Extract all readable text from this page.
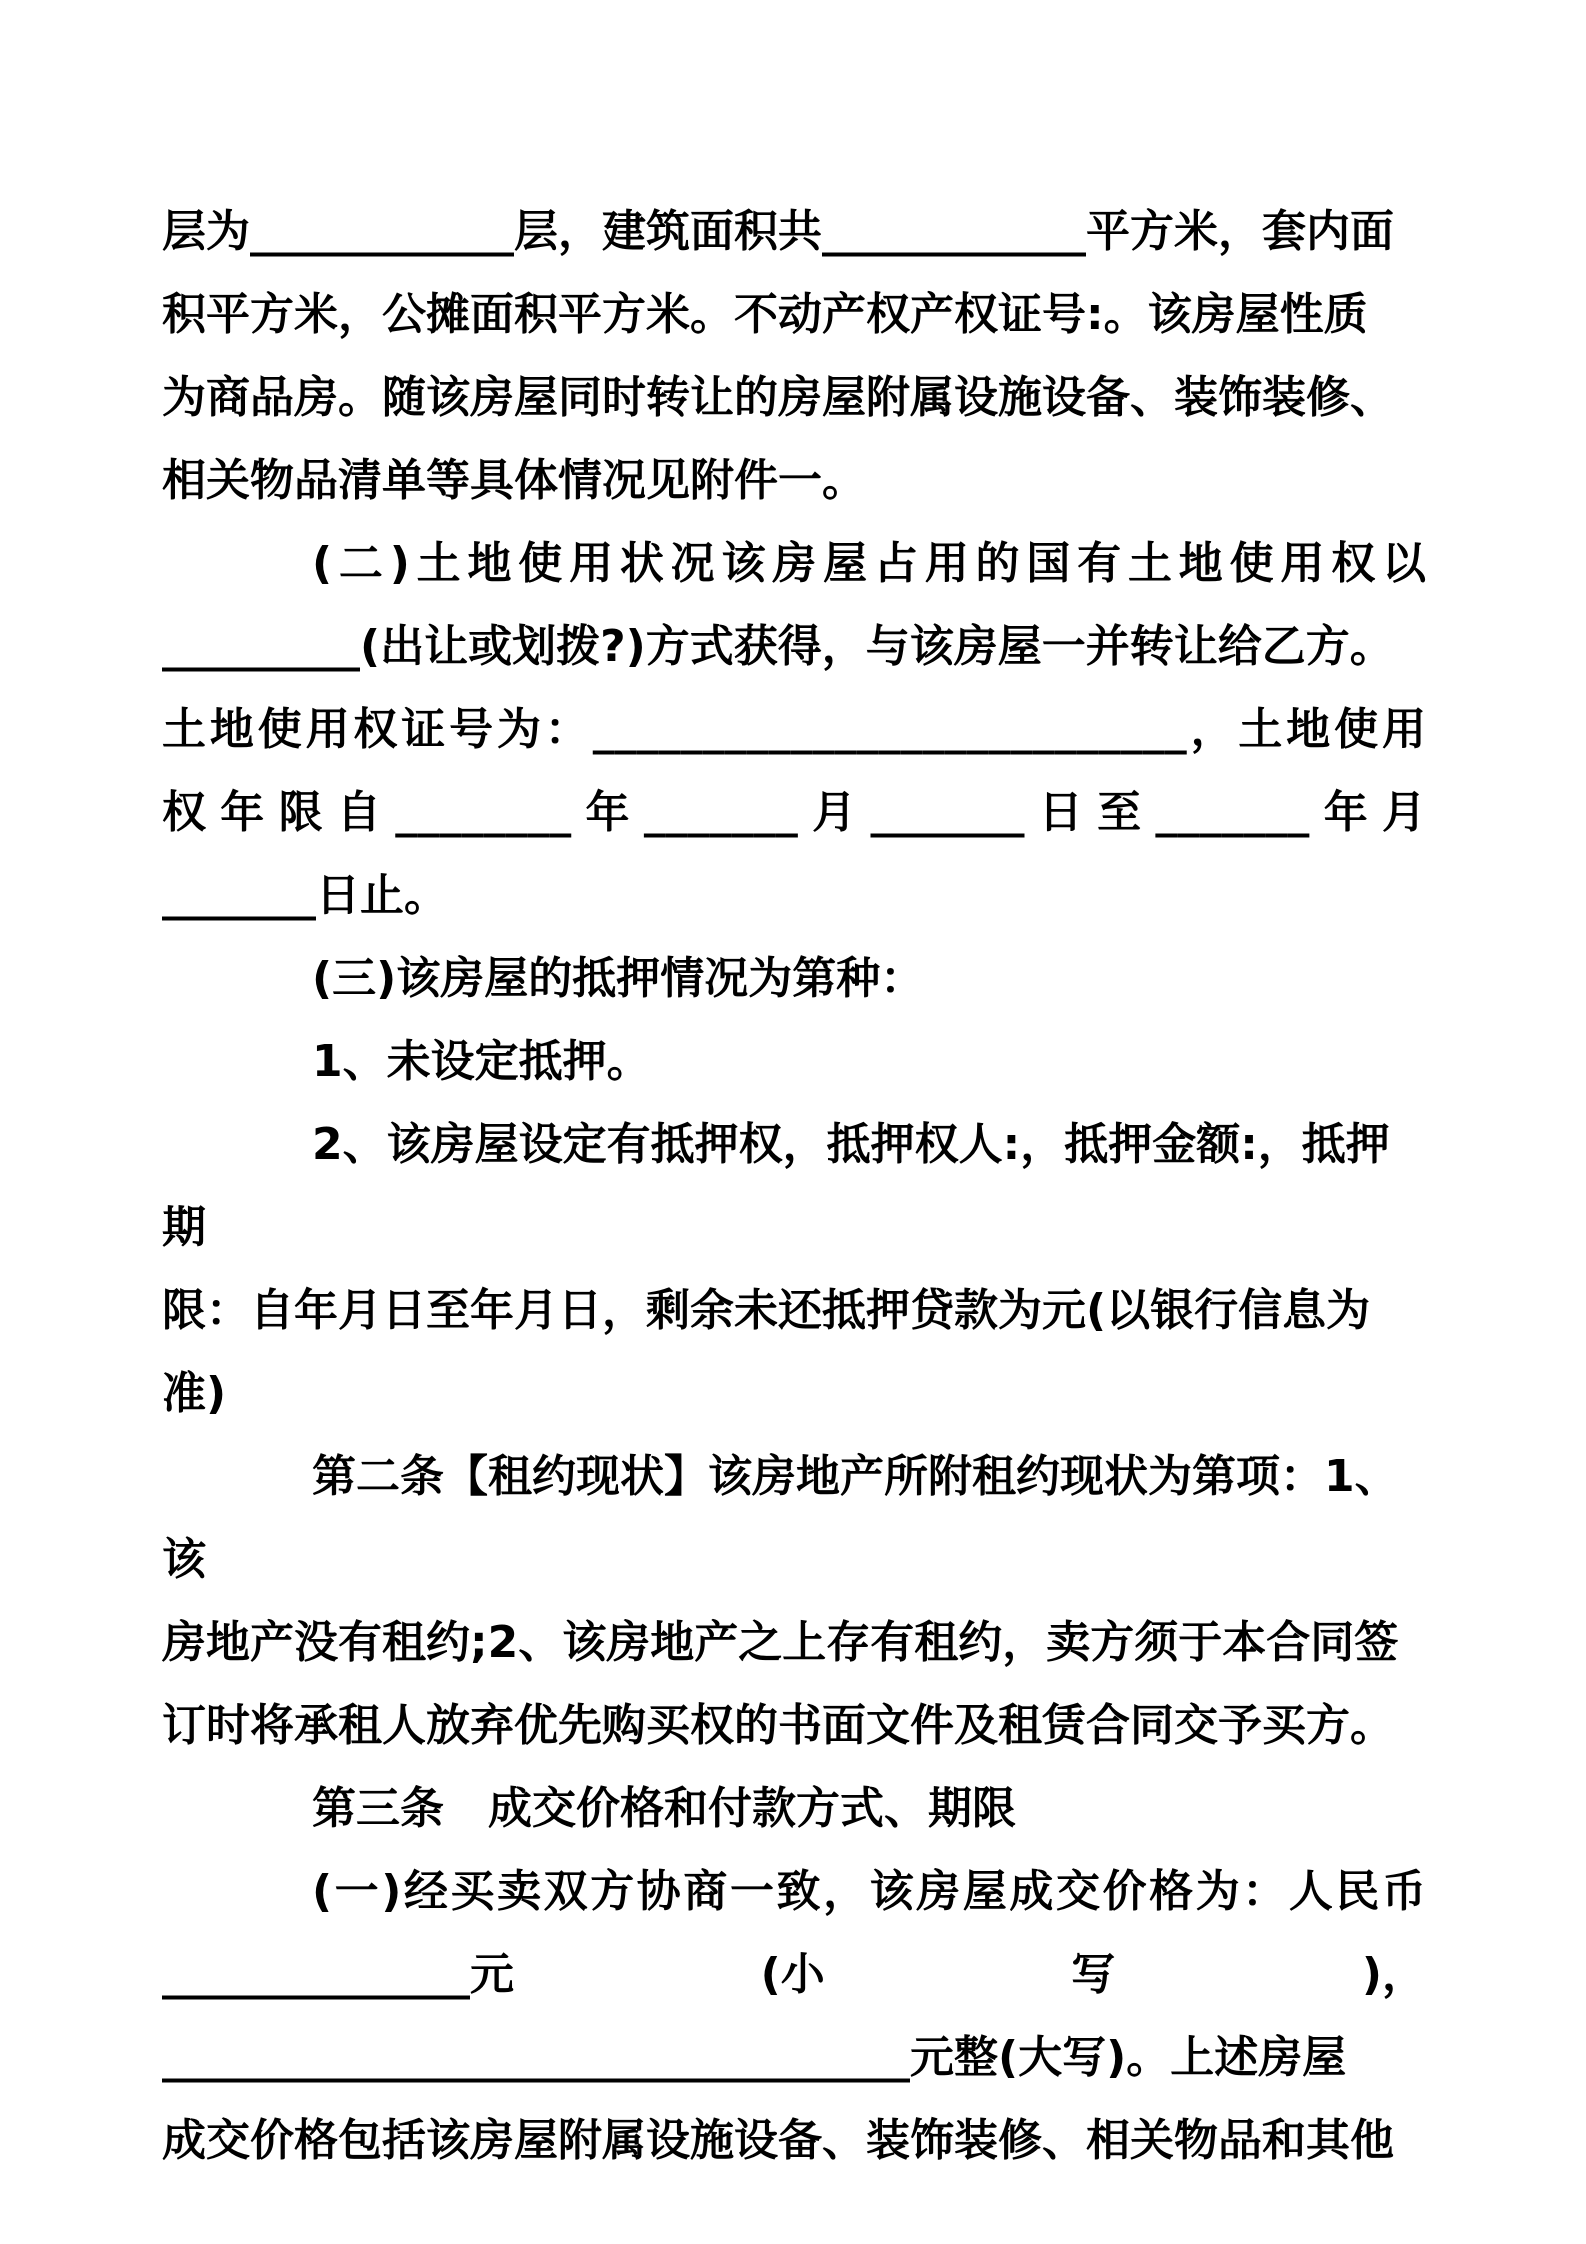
层为____________层，建筑面积共____________平方米，套内面

积平方米，公摊面积平方米。不动产权产权证号:。该房屋性质

为商品房。随该房屋同时转让的房屋附属设施设备、装饰装修、

相关物品清单等具体情况见附件一。

(二)土地使用状况该房屋占用的国有土地使用权以

_________(出让或划拨?)方式获得，与该房屋一并转让给乙方。

土地使用权证号为：___________________________，土地使用

权年限自________年_______月_______日至_______年月

_______日止。

(三)该房屋的抵押情况为第种：

1、未设定抵押。

2、该房屋设定有抵押权，抵押权人:，抵押金额:，抵押期

限：自年月日至年月日，剩余未还抵押贷款为元(以银行信息为

准)

第二条【租约现状】该房地产所附租约现状为第项：1、该

房地产没有租约;2、该房地产之上存有租约，卖方须于本合同签

订时将承租人放弃优先购买权的书面文件及租赁合同交予买方。

第三条　成交价格和付款方式、期限

(一)经买卖双方协商一致，该房屋成交价格为：人民币

______________元	(小	写	)，

__________________________________元整(大写)。上述房屋

成交价格包括该房屋附属设施设备、装饰装修、相关物品和其他
